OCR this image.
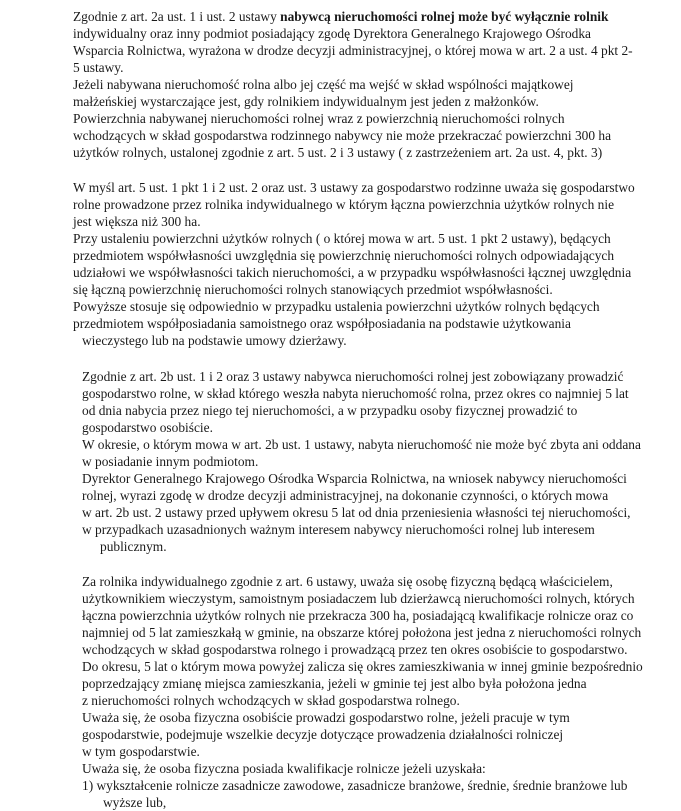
Zgodnie z art. 2a ust. 1 i ust. 2 ustawy nabywcą nieruchomości rolnej może być wyłącznie rolnik

indywidualny oraz inny podmiot posiadający zgodę Dyrektora Generalnego Krajowego Ośrodka

Wsparcia Rolnictwa, wyrażona w drodze decyzji administracyjnej, o której mowa w art. 2 a ust. 4 pkt 2-

5 ustawy.

Jeżeli nabywana nieruchomość rolna albo jej część ma wejść w skład wspólności majątkowej

małżeńskiej wystarczające jest, gdy rolnikiem indywidualnym jest jeden z małżonków.

Powierzchnia nabywanej nieruchomości rolnej wraz z powierzchnią nieruchomości rolnych

wchodzących w skład gospodarstwa rodzinnego nabywcy nie może przekraczać powierzchni 300 ha

użytków rolnych, ustalonej zgodnie z art. 5 ust. 2 i 3 ustawy ( z zastrzeżeniem art. 2a ust. 4, pkt. 3)

W myśl art. 5 ust. 1 pkt 1 i 2 ust. 2 oraz ust. 3 ustawy za gospodarstwo rodzinne uważa się gospodarstwo

rolne prowadzone przez rolnika indywidualnego w którym łączna powierzchnia użytków rolnych nie

jest większa niż 300 ha.

Przy ustaleniu powierzchni użytków rolnych ( o której mowa w art. 5 ust. 1 pkt 2 ustawy), będących

przedmiotem współwłasności uwzględnia się powierzchnię nieruchomości rolnych odpowiadających

udziałowi we współwłasności takich nieruchomości, a w przypadku współwłasności łącznej uwzględnia

się łączną powierzchnię nieruchomości rolnych stanowiących przedmiot współwłasności.

Powyższe stosuje się odpowiednio w przypadku ustalenia powierzchni użytków rolnych będących

przedmiotem współposiadania samoistnego oraz współposiadania na podstawie użytkowania

wieczystego lub na podstawie umowy dzierżawy.

Zgodnie z art. 2b ust. 1 i 2 oraz 3 ustawy nabywca nieruchomości rolnej jest zobowiązany prowadzić

gospodarstwo rolne, w skład którego weszła nabyta nieruchomość rolna, przez okres co najmniej 5 lat

od dnia nabycia przez niego tej nieruchomości, a w przypadku osoby fizycznej prowadzić to

gospodarstwo osobiście.

W okresie, o którym mowa w art. 2b ust. 1 ustawy, nabyta nieruchomość nie może być zbyta ani oddana

w posiadanie innym podmiotom.

Dyrektor Generalnego Krajowego Ośrodka Wsparcia Rolnictwa, na wniosek nabywcy nieruchomości

rolnej, wyrazi zgodę w drodze decyzji administracyjnej, na dokonanie czynności, o których mowa

w art. 2b ust. 2 ustawy przed upływem okresu 5 lat od dnia przeniesienia własności tej nieruchomości,

w przypadkach uzasadnionych ważnym interesem nabywcy nieruchomości rolnej lub interesem

publicznym.

Za rolnika indywidualnego zgodnie z art. 6 ustawy, uważa się osobę fizyczną będącą właścicielem,

użytkownikiem wieczystym, samoistnym posiadaczem lub dzierżawcą nieruchomości rolnych, których

łączna powierzchnia użytków rolnych nie przekracza 300 ha, posiadającą kwalifikacje rolnicze oraz co

najmniej od 5 lat zamieszkałą w gminie, na obszarze której położona jest jedna z nieruchomości rolnych

wchodzących w skład gospodarstwa rolnego i prowadzącą przez ten okres osobiście to gospodarstwo.

Do okresu, 5 lat o którym mowa powyżej zalicza się okres zamieszkiwania w innej gminie bezpośrednio

poprzedzający zmianę miejsca zamieszkania, jeżeli w gminie tej jest albo była położona jedna

z nieruchomości rolnych wchodzących w skład gospodarstwa rolnego.

Uważa się, że osoba fizyczna osobiście prowadzi gospodarstwo rolne, jeżeli pracuje w tym

gospodarstwie, podejmuje wszelkie decyzje dotyczące prowadzenia działalności rolniczej

w tym gospodarstwie.

Uważa się, że osoba fizyczna posiada kwalifikacje rolnicze jeżeli uzyskała:

1) wykształcenie rolnicze zasadnicze zawodowe, zasadnicze branżowe, średnie, średnie branżowe lub

wyższe lub,
